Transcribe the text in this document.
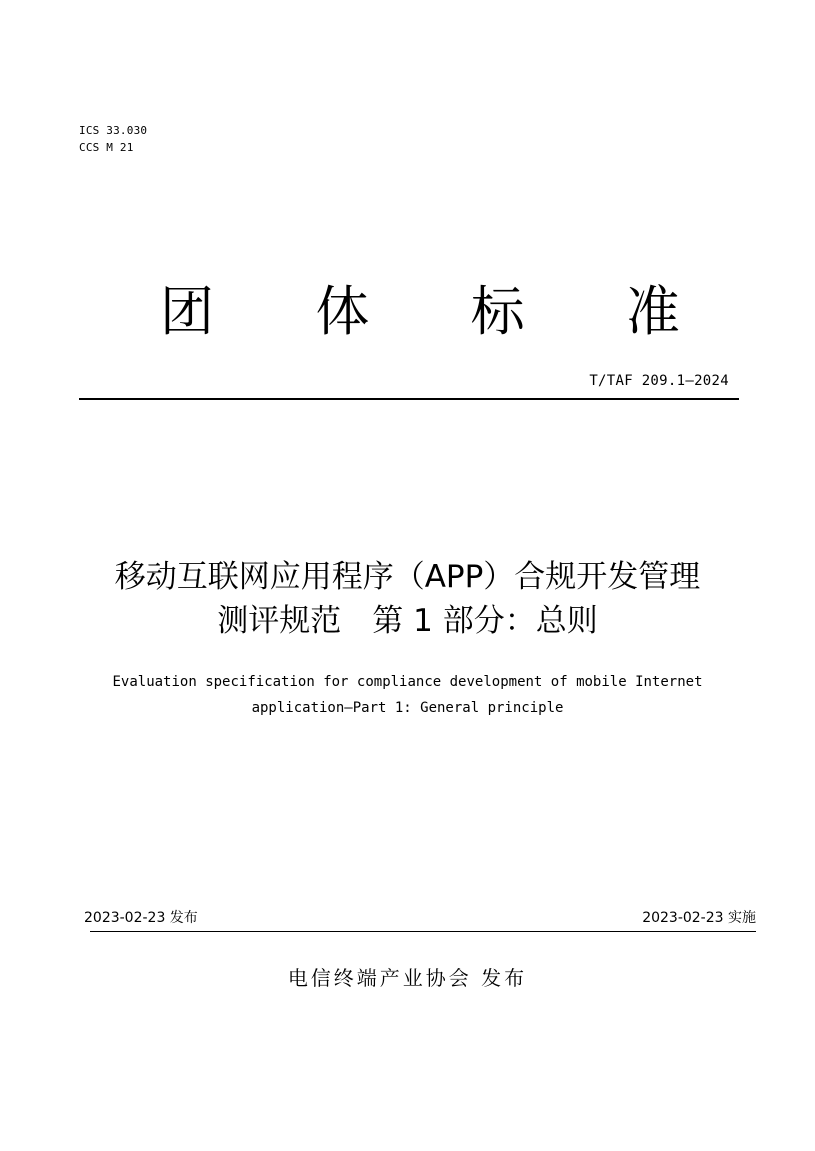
ICS 33.030
CCS M 21
团 体 标 准
T/TAF 209.1—2024
移动互联网应用程序（APP）合规开发管理
测评规范　第 1 部分：总则
Evaluation specification for compliance development of mobile Internet
application—Part 1: General principle
2023-02-23 发布	2023-02-23 实施
电信终端产业协会 发布
